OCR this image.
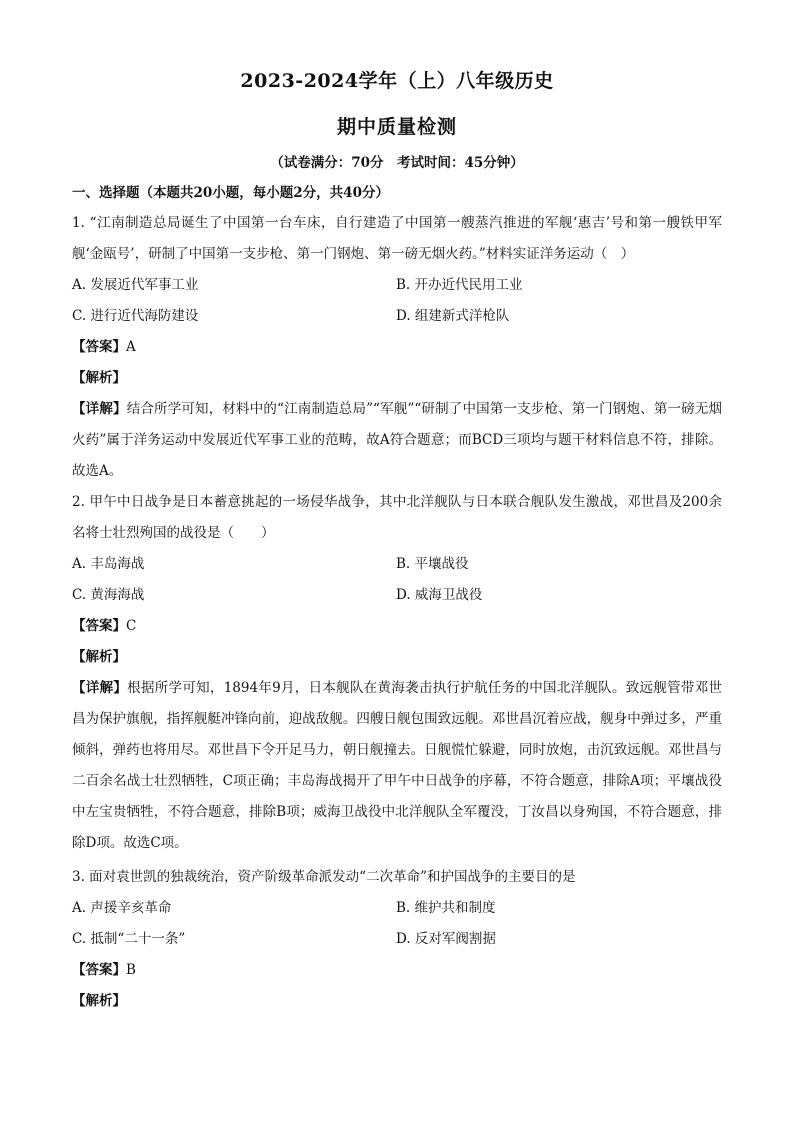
2023-2024学年（上）八年级历史
期中质量检测
（试卷满分：70分　考试时间：45分钟）
一、选择题（本题共20小题，每小题2分，共40分）

1. “江南制造总局诞生了中国第一台车床，自行建造了中国第一艘蒸汽推进的军舰‘惠吉’号和第一艘铁甲军舰‘金瓯号’，研制了中国第一支步枪、第一门钢炮、第一磅无烟火药。”材料实证洋务运动（　）

A. 发展近代军事工业	B. 开办近代民用工业
C. 进行近代海防建设	D. 组建新式洋枪队
【答案】A
【解析】

【详解】结合所学可知，材料中的“江南制造总局”“军舰”“研制了中国第一支步枪、第一门钢炮、第一磅无烟火药”属于洋务运动中发展近代军事工业的范畴，故A符合题意；而BCD三项均与题干材料信息不符，排除。故选A。

2. 甲午中日战争是日本蓄意挑起的一场侵华战争，其中北洋舰队与日本联合舰队发生激战，邓世昌及200余名将士壮烈殉国的战役是（　　）

A. 丰岛海战	B. 平壤战役
C. 黄海海战	D. 威海卫战役
【答案】C
【解析】

【详解】根据所学可知，1894年9月，日本舰队在黄海袭击执行护航任务的中国北洋舰队。致远舰管带邓世昌为保护旗舰，指挥舰艇冲锋向前，迎战敌舰。四艘日舰包围致远舰。邓世昌沉着应战，舰身中弹过多，严重倾斜，弹药也将用尽。邓世昌下令开足马力，朝日舰撞去。日舰慌忙躲避，同时放炮，击沉致远舰。邓世昌与二百余名战士壮烈牺牲，C项正确；丰岛海战揭开了甲午中日战争的序幕，不符合题意，排除A项；平壤战役中左宝贵牺牲，不符合题意，排除B项；威海卫战役中北洋舰队全军覆没，丁汝昌以身殉国，不符合题意，排除D项。故选C项。

3. 面对袁世凯的独裁统治，资产阶级革命派发动“二次革命”和护国战争的主要目的是

A. 声援辛亥革命	B. 维护共和制度
C. 抵制“二十一条”	D. 反对军阀割据
【答案】B
【解析】
